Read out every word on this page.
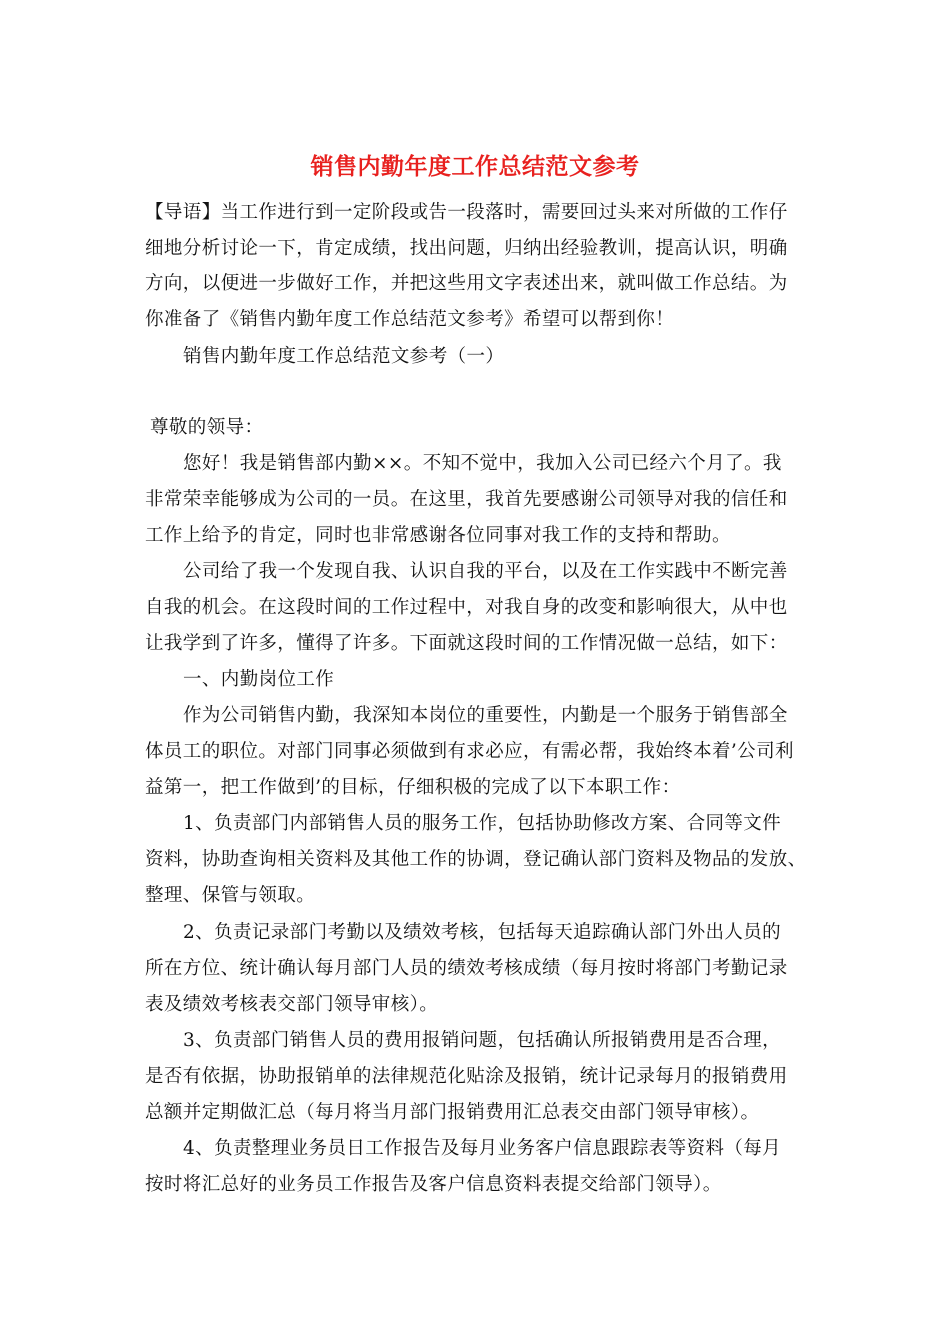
销售内勤年度工作总结范文参考
【导语】当工作进行到一定阶段或告一段落时，需要回过头来对所做的工作仔
细地分析讨论一下，肯定成绩，找出问题，归纳出经验教训，提高认识，明确
方向，以便进一步做好工作，并把这些用文字表述出来，就叫做工作总结。为
你准备了《销售内勤年度工作总结范文参考》希望可以帮到你！
销售内勤年度工作总结范文参考（一）
尊敬的领导：
您好！我是销售部内勤××。不知不觉中，我加入公司已经六个月了。我
非常荣幸能够成为公司的一员。在这里，我首先要感谢公司领导对我的信任和
工作上给予的肯定，同时也非常感谢各位同事对我工作的支持和帮助。
公司给了我一个发现自我、认识自我的平台，以及在工作实践中不断完善
自我的机会。在这段时间的工作过程中，对我自身的改变和影响很大，从中也
让我学到了许多，懂得了许多。下面就这段时间的工作情况做一总结，如下：
一、内勤岗位工作
作为公司销售内勤，我深知本岗位的重要性，内勤是一个服务于销售部全
体员工的职位。对部门同事必须做到有求必应，有需必帮，我始终本着’公司利
益第一，把工作做到’的目标，仔细积极的完成了以下本职工作：
1、负责部门内部销售人员的服务工作，包括协助修改方案、合同等文件
资料，协助查询相关资料及其他工作的协调，登记确认部门资料及物品的发放、
整理、保管与领取。
2、负责记录部门考勤以及绩效考核，包括每天追踪确认部门外出人员的
所在方位、统计确认每月部门人员的绩效考核成绩（每月按时将部门考勤记录
表及绩效考核表交部门领导审核）。
3、负责部门销售人员的费用报销问题，包括确认所报销费用是否合理，
是否有依据，协助报销单的法律规范化贴涂及报销，统计记录每月的报销费用
总额并定期做汇总（每月将当月部门报销费用汇总表交由部门领导审核）。
4、负责整理业务员日工作报告及每月业务客户信息跟踪表等资料（每月
按时将汇总好的业务员工作报告及客户信息资料表提交给部门领导）。
